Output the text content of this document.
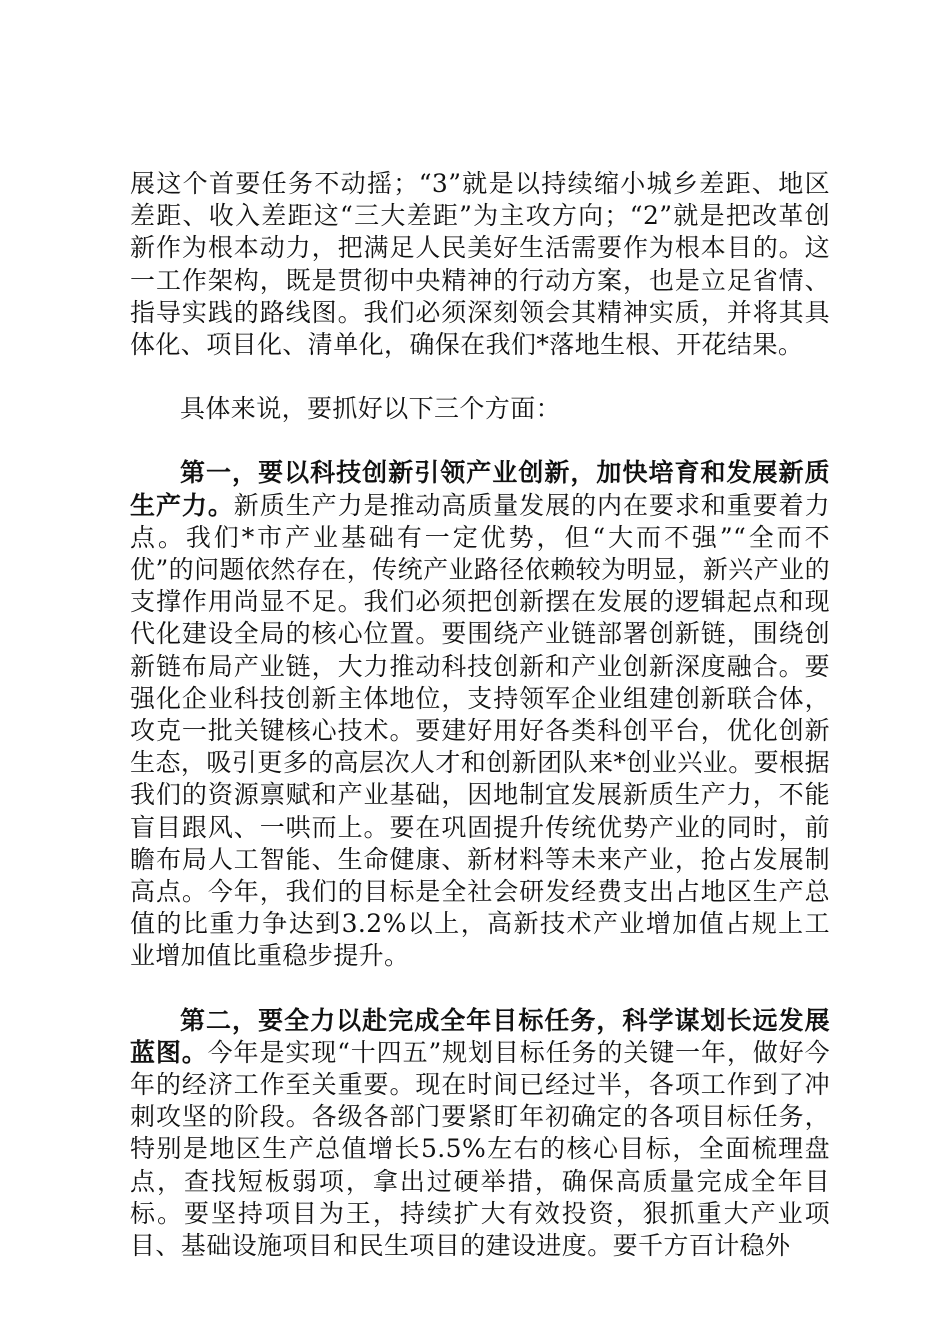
展这个首要任务不动摇；“3”就是以持续缩小城乡差距、地区差距、收入差距这“三大差距”为主攻方向；“2”就是把改革创新作为根本动力，把满足人民美好生活需要作为根本目的。这一工作架构，既是贯彻中央精神的行动方案，也是立足省情、指导实践的路线图。我们必须深刻领会其精神实质，并将其具体化、项目化、清单化，确保在我们*落地生根、开花结果。

具体来说，要抓好以下三个方面：

第一，要以科技创新引领产业创新，加快培育和发展新质生产力。新质生产力是推动高质量发展的内在要求和重要着力点。我们*市产业基础有一定优势，但“大而不强”“全而不优”的问题依然存在，传统产业路径依赖较为明显，新兴产业的支撑作用尚显不足。我们必须把创新摆在发展的逻辑起点和现代化建设全局的核心位置。要围绕产业链部署创新链，围绕创新链布局产业链，大力推动科技创新和产业创新深度融合。要强化企业科技创新主体地位，支持领军企业组建创新联合体，攻克一批关键核心技术。要建好用好各类科创平台，优化创新生态，吸引更多的高层次人才和创新团队来*创业兴业。要根据我们的资源禀赋和产业基础，因地制宜发展新质生产力，不能盲目跟风、一哄而上。要在巩固提升传统优势产业的同时，前瞻布局人工智能、生命健康、新材料等未来产业，抢占发展制高点。今年，我们的目标是全社会研发经费支出占地区生产总值的比重力争达到3.2%以上，高新技术产业增加值占规上工业增加值比重稳步提升。

第二，要全力以赴完成全年目标任务，科学谋划长远发展蓝图。今年是实现“十四五”规划目标任务的关键一年，做好今年的经济工作至关重要。现在时间已经过半，各项工作到了冲刺攻坚的阶段。各级各部门要紧盯年初确定的各项目标任务，特别是地区生产总值增长5.5%左右的核心目标，全面梳理盘点，查找短板弱项，拿出过硬举措，确保高质量完成全年目标。要坚持项目为王，持续扩大有效投资，狠抓重大产业项目、基础设施项目和民生项目的建设进度。要千方百计稳外
